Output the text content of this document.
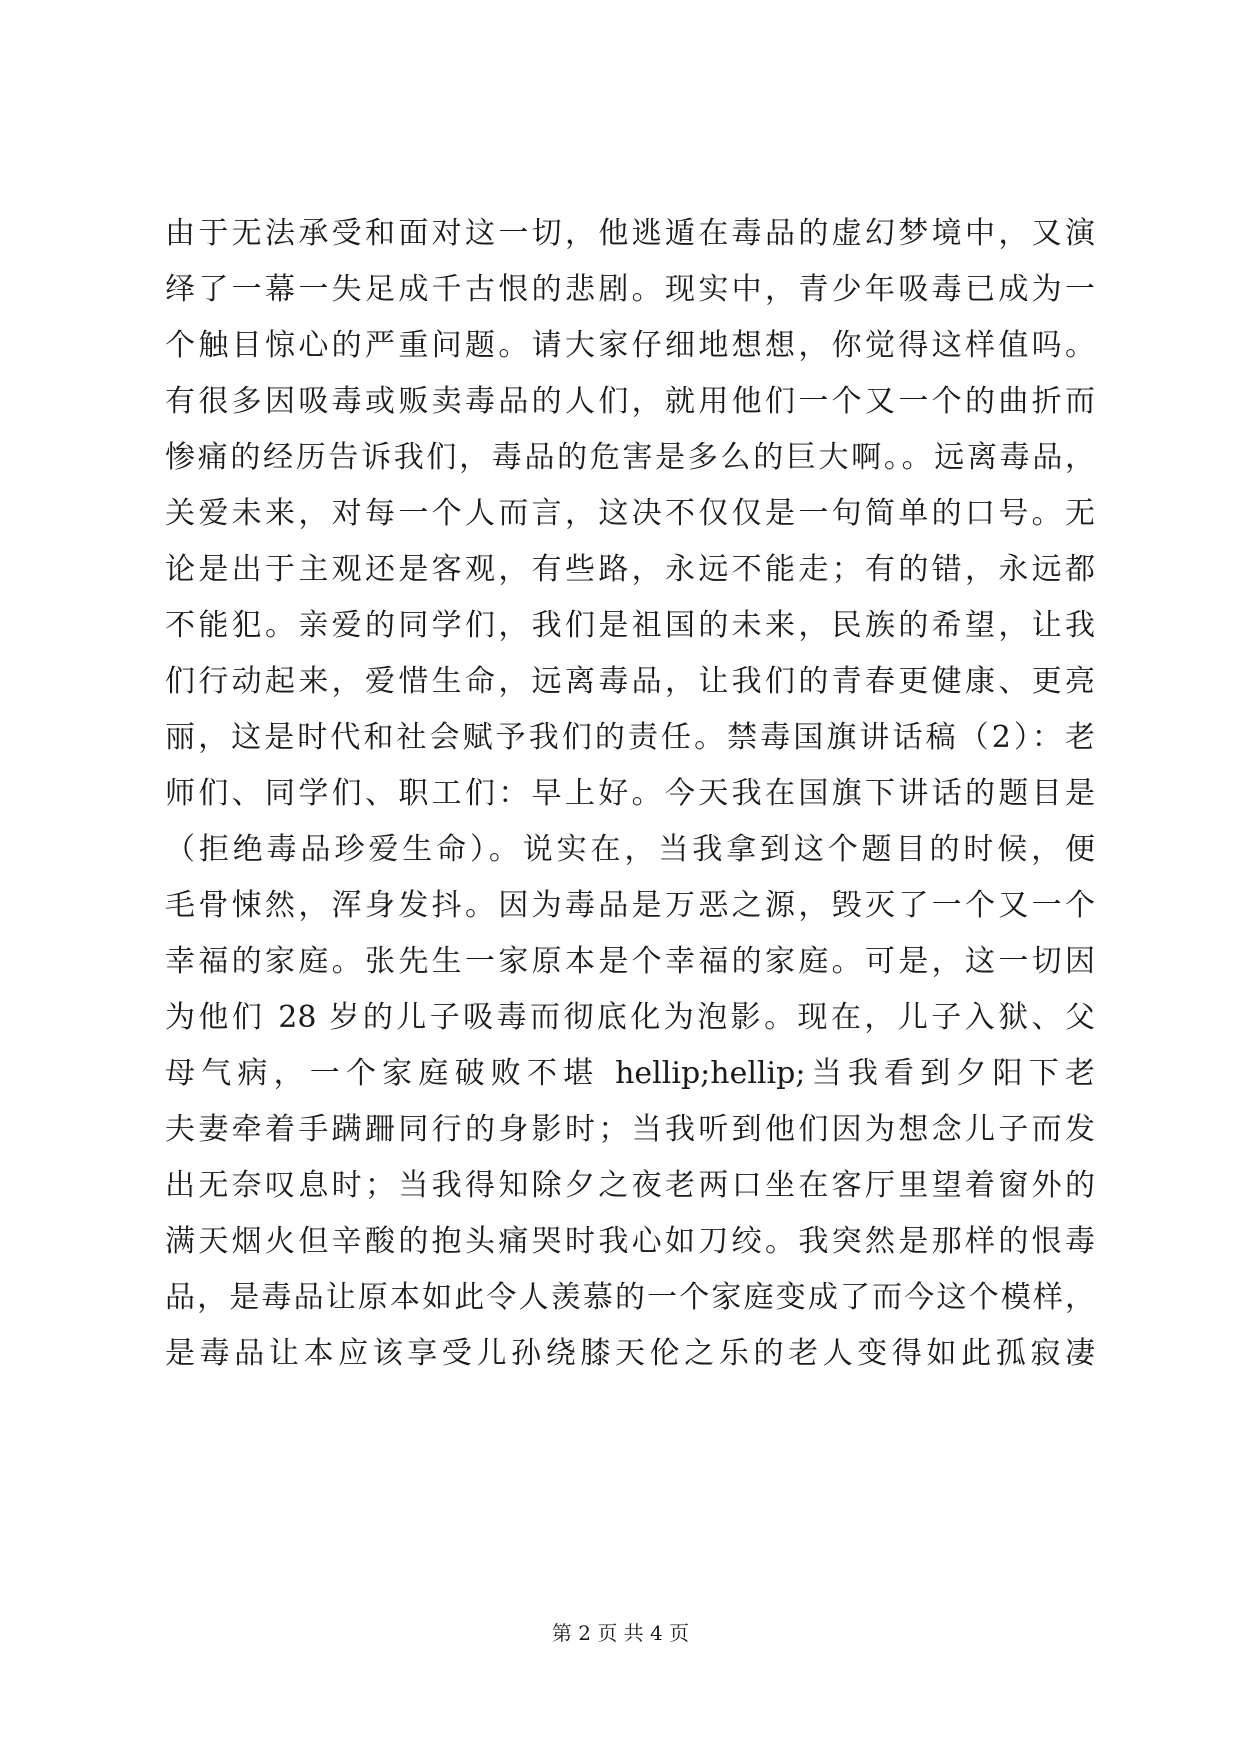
由于无法承受和面对这一切，他逃遁在毒品的虚幻梦境中，又演
绎了一幕一失足成千古恨的悲剧。现实中，青少年吸毒已成为一
个触目惊心的严重问题。请大家仔细地想想，你觉得这样值吗。
有很多因吸毒或贩卖毒品的人们，就用他们一个又一个的曲折而
惨痛的经历告诉我们，毒品的危害是多么的巨大啊。。远离毒品，
关爱未来，对每一个人而言，这决不仅仅是一句简单的口号。无
论是出于主观还是客观，有些路，永远不能走；有的错，永远都
不能犯。亲爱的同学们，我们是祖国的未来，民族的希望，让我
们行动起来，爱惜生命，远离毒品，让我们的青春更健康、更亮
丽，这是时代和社会赋予我们的责任。禁毒国旗讲话稿（2）：老
师们、同学们、职工们：早上好。今天我在国旗下讲话的题目是
（拒绝毒品珍爱生命）。说实在，当我拿到这个题目的时候，便
毛骨悚然，浑身发抖。因为毒品是万恶之源，毁灭了一个又一个
幸福的家庭。张先生一家原本是个幸福的家庭。可是，这一切因
为他们 28 岁的儿子吸毒而彻底化为泡影。现在，儿子入狱、父
母气病，一个家庭破败不堪 hellip;hellip;当我看到夕阳下老
夫妻牵着手蹒跚同行的身影时；当我听到他们因为想念儿子而发
出无奈叹息时；当我得知除夕之夜老两口坐在客厅里望着窗外的
满天烟火但辛酸的抱头痛哭时我心如刀绞。我突然是那样的恨毒
品，是毒品让原本如此令人羡慕的一个家庭变成了而今这个模样，
是毒品让本应该享受儿孙绕膝天伦之乐的老人变得如此孤寂凄
第 2 页 共 4 页
